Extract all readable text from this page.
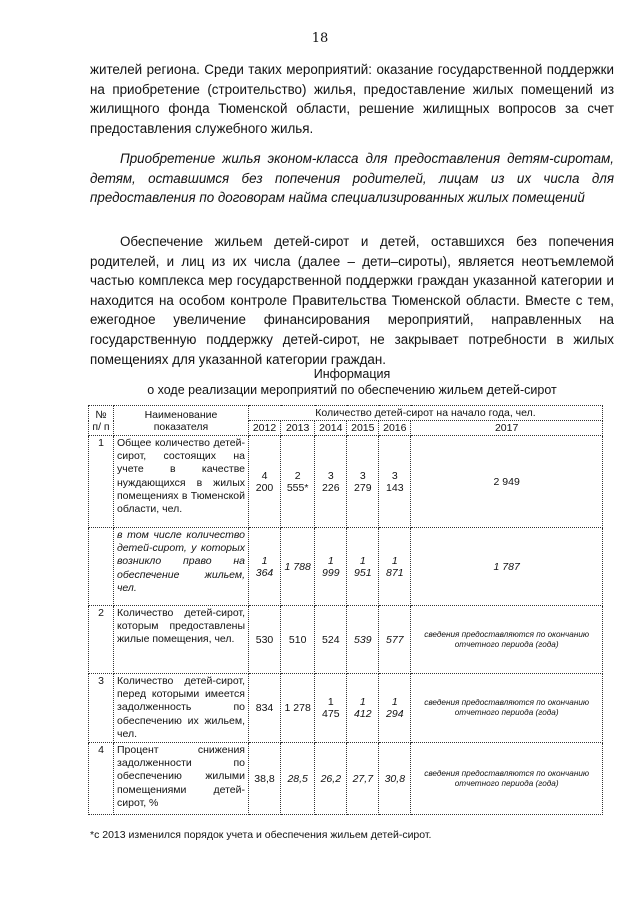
18

жителей региона. Среди таких мероприятий: оказание государственной поддержки на приобретение (строительство) жилья, предоставление жилых помещений из жилищного фонда Тюменской области, решение жилищных вопросов за счет предоставления служебного жилья.

Приобретение жилья эконом-класса для предоставления детям-сиротам, детям, оставшимся без попечения родителей, лицам из их числа для предоставления по договорам найма специализированных жилых помещений

Обеспечение жильем детей-сирот и детей, оставшихся без попечения родителей, и лиц из их числа (далее – дети–сироты), является неотъемлемой частью комплекса мер государственной поддержки граждан указанной категории и находится на особом контроле Правительства Тюменской области. Вместе с тем, ежегодное увеличение финансирования мероприятий, направленных на государственную поддержку детей-сирот, не закрывает потребности в жилых помещениях для указанной категории граждан.

Информация
о ходе реализации мероприятий по обеспечению жильем детей-сирот
№ п/ п	Наименование показателя	Количество детей-сирот на начало года, чел.					
		2012	2013	2014	2015	2016	2017
1	Общее количество детей-сирот, состоящих на учете в качестве нуждающихся в жилых помещениях в Тюменской области, чел.	4 200	2 555*	3 226	3 279	3 143	2 949
	в том числе количество детей-сирот, у которых возникло право на обеспечение жильем, чел.	1 364	1 788	1 999	1 951	1 871	1 787
2	Количество детей-сирот, которым предоставлены жилые помещения, чел.	530	510	524	539	577	сведения предоставляются по окончанию отчетного периода (года)
3	Количество детей-сирот, перед которыми имеется задолженность по обеспечению их жильем, чел.	834	1 278	1 475	1 412	1 294	сведения предоставляются по окончанию отчетного периода (года)
4	Процент снижения задолженности по обеспечению жилыми помещениями детей-сирот, %	38,8	28,5	26,2	27,7	30,8	сведения предоставляются по окончанию отчетного периода (года)
*с 2013 изменился порядок учета и обеспечения жильем детей-сирот.
